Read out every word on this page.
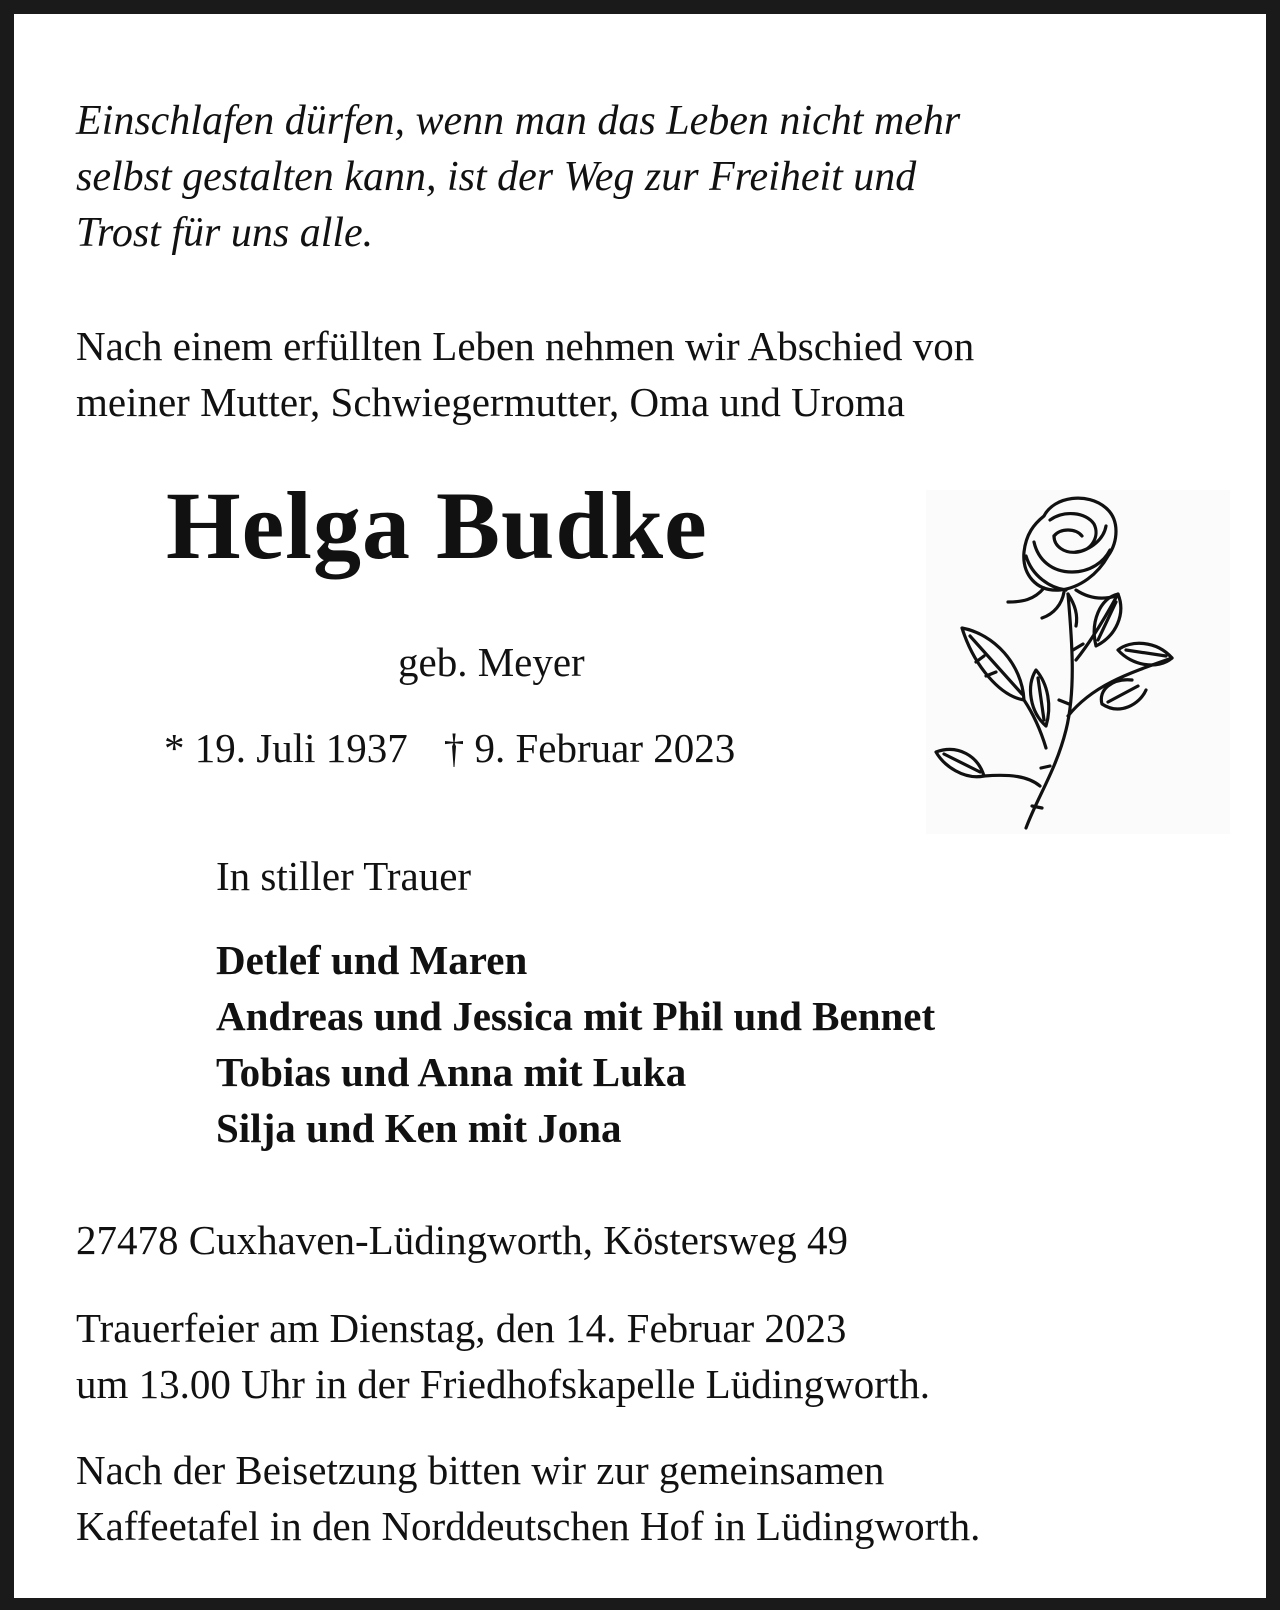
Einschlafen dürfen, wenn man das Leben nicht mehr

selbst gestalten kann, ist der Weg zur Freiheit und

Trost für uns alle.

Nach einem erfüllten Leben nehmen wir Abschied von

meiner Mutter, Schwiegermutter, Oma und Uroma

Helga Budke

geb. Meyer

* 19. Juli 1937 † 9. Februar 2023

In stiller Trauer

Detlef und Maren

Andreas und Jessica mit Phil und Bennet

Tobias und Anna mit Luka

Silja und Ken mit Jona

27478 Cuxhaven-Lüdingworth, Köstersweg 49

Trauerfeier am Dienstag, den 14. Februar 2023

um 13.00 Uhr in der Friedhofskapelle Lüdingworth.

Nach der Beisetzung bitten wir zur gemeinsamen

Kaffeetafel in den Norddeutschen Hof in Lüdingworth.
